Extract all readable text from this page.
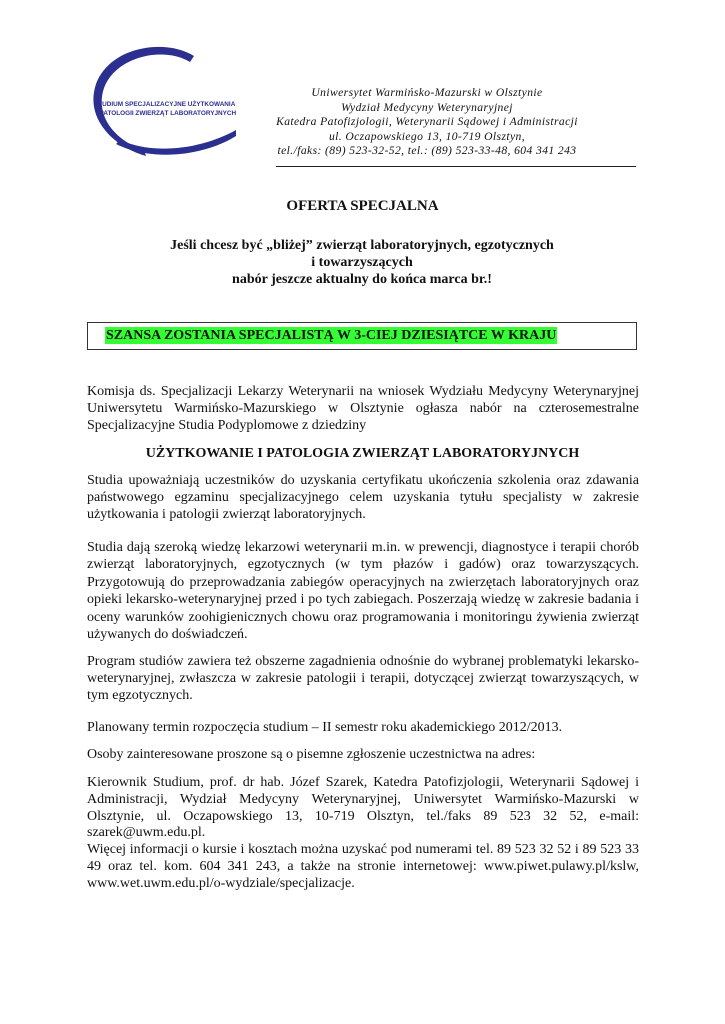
STUDIUM SPECJALIZACYJNE UŻYTKOWANIA
I PATOLOGII ZWIERZĄT LABORATORYJNYCH
Uniwersytet Warmińsko-Mazurski w Olsztynie
Wydział Medycyny Weterynaryjnej
Katedra Patofizjologii, Weterynarii Sądowej i Administracji
ul. Oczapowskiego 13, 10-719 Olsztyn,
tel./faks: (89) 523-32-52, tel.: (89) 523-33-48, 604 341 243
OFERTA SPECJALNA
Jeśli chcesz być „bliżej” zwierząt laboratoryjnych, egzotycznych
i towarzyszących
nabór jeszcze aktualny do końca marca br.!
SZANSA ZOSTANIA SPECJALISTĄ W 3-CIEJ DZIESIĄTCE W KRAJU

Komisja ds. Specjalizacji Lekarzy Weterynarii na wniosek Wydziału Medycyny Weterynaryjnej Uniwersytetu Warmińsko-Mazurskiego w Olsztynie ogłasza nabór na czterosemestralne Specjalizacyjne Studia Podyplomowe z dziedziny

UŻYTKOWANIE I PATOLOGIA ZWIERZĄT LABORATORYJNYCH

Studia upoważniają uczestników do uzyskania certyfikatu ukończenia szkolenia oraz zdawania państwowego egzaminu specjalizacyjnego celem uzyskania tytułu specjalisty w zakresie użytkowania i patologii zwierząt laboratoryjnych.

Studia dają szeroką wiedzę lekarzowi weterynarii m.in. w prewencji, diagnostyce i terapii chorób zwierząt laboratoryjnych, egzotycznych (w tym płazów i gadów) oraz towarzyszących. Przygotowują do przeprowadzania zabiegów operacyjnych na zwierzętach laboratoryjnych oraz opieki lekarsko-weterynaryjnej przed i po tych zabiegach. Poszerzają wiedzę w zakresie badania i oceny warunków zoohigienicznych chowu oraz programowania i monitoringu żywienia zwierząt używanych do doświadczeń.

Program studiów zawiera też obszerne zagadnienia odnośnie do wybranej problematyki lekarsko-weterynaryjnej, zwłaszcza w zakresie patologii i terapii, dotyczącej zwierząt towarzyszących, w tym egzotycznych.

Planowany termin rozpoczęcia studium – II semestr roku akademickiego 2012/2013.

Osoby zainteresowane proszone są o pisemne zgłoszenie uczestnictwa na adres:

Kierownik Studium, prof. dr hab. Józef Szarek, Katedra Patofizjologii, Weterynarii Sądowej i Administracji, Wydział Medycyny Weterynaryjnej, Uniwersytet Warmińsko-Mazurski w Olsztynie, ul. Oczapowskiego 13, 10-719 Olsztyn, tel./faks 89 523 32 52, e-mail: szarek@uwm.edu.pl.

Więcej informacji o kursie i kosztach można uzyskać pod numerami tel. 89 523 32 52 i 89 523 33 49 oraz tel. kom. 604 341 243, a także na stronie internetowej: www.piwet.pulawy.pl/kslw, www.wet.uwm.edu.pl/o-wydziale/specjalizacje.
